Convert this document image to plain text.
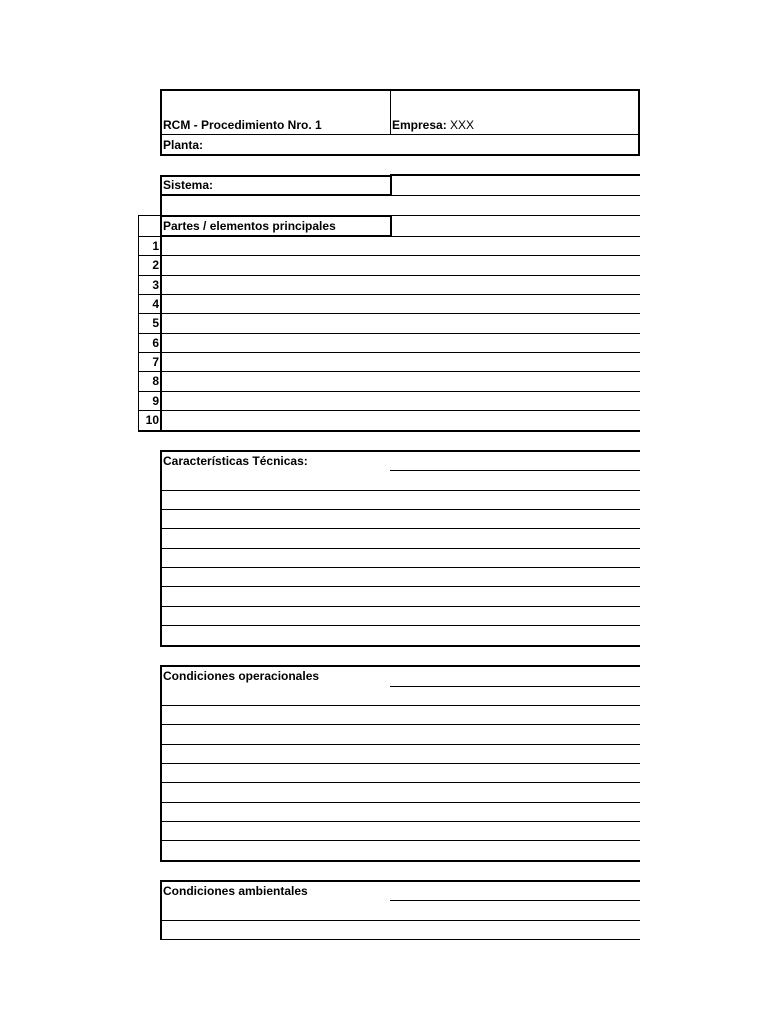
RCM - Procedimiento Nro. 1	Empresa: XXX
Planta:
Sistema:
Partes / elementos principales
1
2
3
4
5
6
7
8
9
10
Características Técnicas:
Condiciones operacionales
Condiciones ambientales
